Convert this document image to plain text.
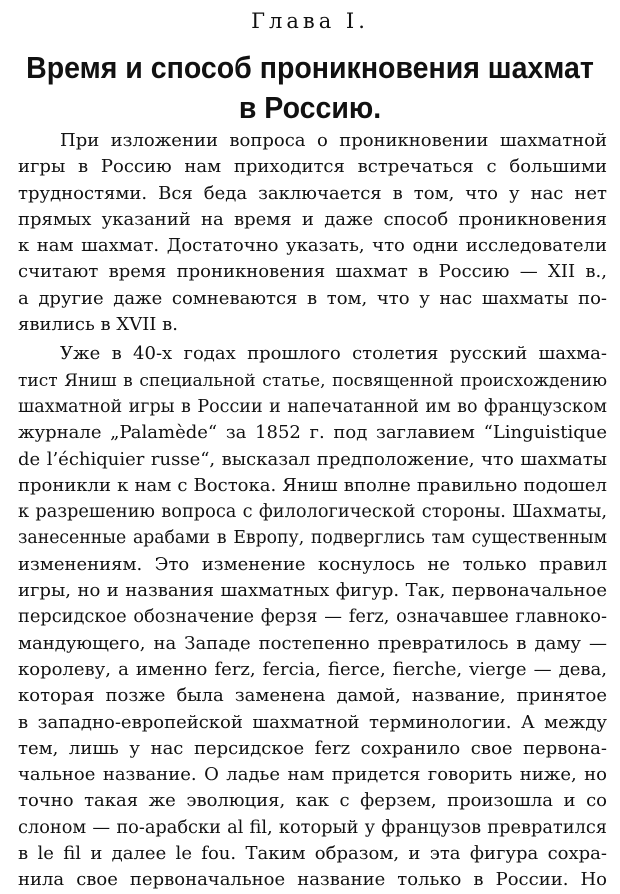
Глава I.
Время и способ проникновения шахмат
в Россию.
При изложении вопроса о проникновении шахматной
игры в Россию нам приходится встречаться с большими
трудностями. Вся беда заключается в том, что у нас нет
прямых указаний на время и даже способ проникновения
к нам шахмат. Достаточно указать, что одни исследователи
считают время проникновения шахмат в Россию — XII в.,
а другие даже сомневаются в том, что у нас шахматы по-
явились в XVII в.
Уже в 40-х годах прошлого столетия русский шахма-
тист Яниш в специальной статье, посвященной происхождению
шахматной игры в России и напечатанной им во французском
журнале „Palamède“ за 1852 г. под заглавием “Linguistique
de l’échiquier russe“, высказал предположение, что шахматы
проникли к нам с Востока. Яниш вполне правильно подошел
к разрешению вопроса с филологической стороны. Шахматы,
занесенные арабами в Европу, подверглись там существенным
изменениям. Это изменение коснулось не только правил
игры, но и названия шахматных фигур. Так, первоначальное
персидское обозначение ферзя — ferz, означавшее главноко-
мандующего, на Западе постепенно превратилось в даму —
королеву, а именно ferz, fercia, fierce, fierche, vierge — дева,
которая позже была заменена дамой, название, принятое
в западно-европейской шахматной терминологии. А между
тем, лишь у нас персидское ferz сохранило свое первона-
чальное название. О ладье нам придется говорить ниже, но
точно такая же эволюция, как с ферзем, произошла и со
слоном — по-арабски al fil, который у французов превратился
в le fil и далее le fou. Таким образом, и эта фигура сохра-
нила свое первоначальное название только в России. Но
